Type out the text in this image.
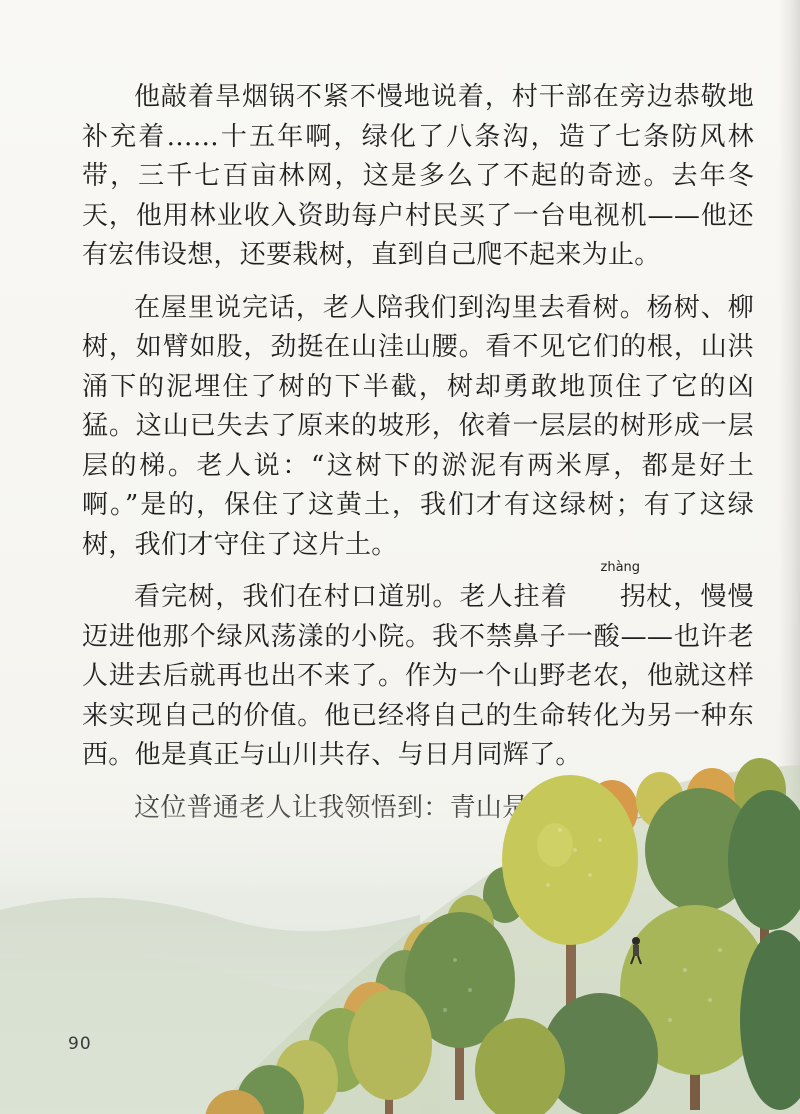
他敲着旱烟锅不紧不慢地说着，村干部在旁边恭敬地补充着……十五年啊，绿化了八条沟，造了七条防风林带，三千七百亩林网，这是多么了不起的奇迹。去年冬天，他用林业收入资助每户村民买了一台电视机——他还有宏伟设想，还要栽树，直到自己爬不起来为止。

在屋里说完话，老人陪我们到沟里去看树。杨树、柳树，如臂如股，劲挺在山洼山腰。看不见它们的根，山洪涌下的泥埋住了树的下半截，树却勇敢地顶住了它的凶猛。这山已失去了原来的坡形，依着一层层的树形成一层层的梯。老人说：“这树下的淤泥有两米厚，都是好土啊。”是的，保住了这黄土，我们才有这绿树；有了这绿树，我们才守住了这片土。

看完树，我们在村口道别。老人拄着
zhàng
拐杖，慢慢迈进他那个绿风荡漾的小院。我不禁鼻子一酸——也许老人进去后就再也出不来了。作为一个山野老农，他就这样来实现自己的价值。他已经将自己的生命转化为另一种东西。他是真正与山川共存、与日月同辉了。

90
